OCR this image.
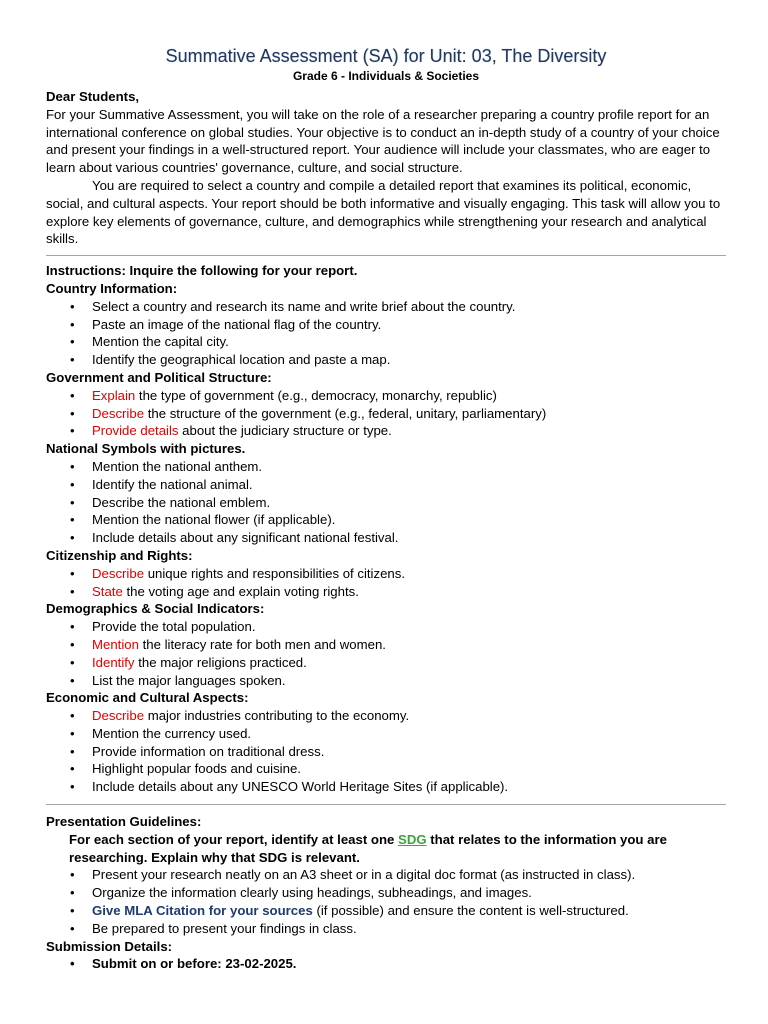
Summative Assessment (SA) for Unit: 03, The Diversity
Grade 6 - Individuals & Societies

Dear Students,

For your Summative Assessment, you will take on the role of a researcher preparing a country profile report for an international conference on global studies. Your objective is to conduct an in-depth study of a country of your choice and present your findings in a well-structured report. Your audience will include your classmates, who are eager to learn about various countries' governance, culture, and social structure.

You are required to select a country and compile a detailed report that examines its political, economic, social, and cultural aspects. Your report should be both informative and visually engaging. This task will allow you to explore key elements of governance, culture, and demographics while strengthening your research and analytical skills.

Instructions: Inquire the following for your report.

Country Information:

• Select a country and research its name and write brief about the country.
• Paste an image of the national flag of the country.
• Mention the capital city.
• Identify the geographical location and paste a map.

Government and Political Structure:

• Explain the type of government (e.g., democracy, monarchy, republic)
• Describe the structure of the government (e.g., federal, unitary, parliamentary)
• Provide details about the judiciary structure or type.

National Symbols with pictures.

• Mention the national anthem.
• Identify the national animal.
• Describe the national emblem.
• Mention the national flower (if applicable).
• Include details about any significant national festival.

Citizenship and Rights:

• Describe unique rights and responsibilities of citizens.
• State the voting age and explain voting rights.

Demographics & Social Indicators:

• Provide the total population.
• Mention the literacy rate for both men and women.
• Identify the major religions practiced.
• List the major languages spoken.

Economic and Cultural Aspects:

• Describe major industries contributing to the economy.
• Mention the currency used.
• Provide information on traditional dress.
• Highlight popular foods and cuisine.
• Include details about any UNESCO World Heritage Sites (if applicable).

Presentation Guidelines:

For each section of your report, identify at least one SDG that relates to the information you are researching. Explain why that SDG is relevant.

• Present your research neatly on an A3 sheet or in a digital doc format (as instructed in class).
• Organize the information clearly using headings, subheadings, and images.
• Give MLA Citation for your sources (if possible) and ensure the content is well-structured.
• Be prepared to present your findings in class.

Submission Details:

• Submit on or before: 23-02-2025.
